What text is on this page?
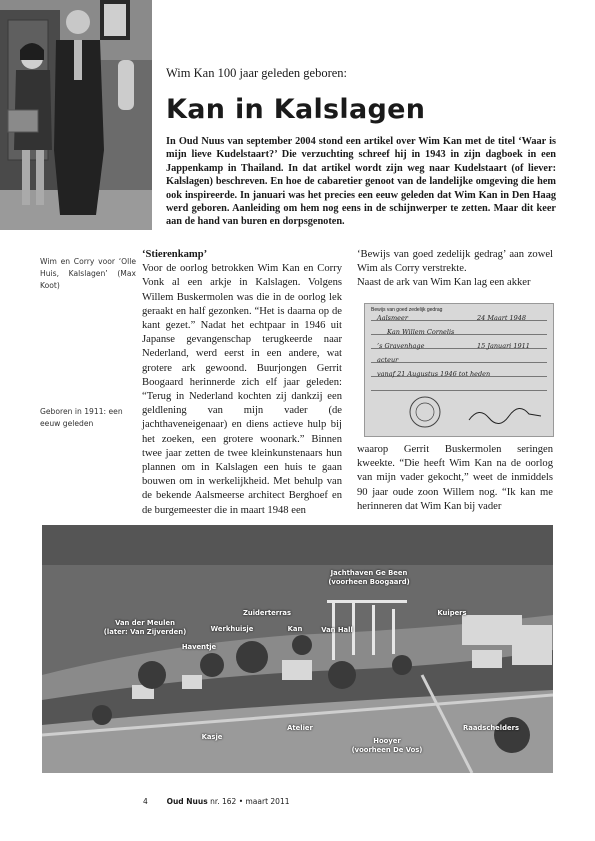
Wim Kan 100 jaar geleden geboren:
Kan in Kalslagen
In Oud Nuus van september 2004 stond een artikel over Wim Kan met de titel ‘Waar is mijn lieve Kudelstaart?’ Die verzuchting schreef hij in 1943 in zijn dagboek in een Jappenkamp in Thailand. In dat artikel wordt zijn weg naar Kudelstaart (of liever: Kalslagen) beschreven. En hoe de cabaretier genoot van de landelijke omgeving die hem ook inspireerde. In januari was het precies een eeuw geleden dat Wim Kan in Den Haag werd geboren. Aanleiding om hem nog eens in de schijnwerper te zetten. Maar dit keer aan de hand van buren en dorpsgenoten.
Wim en Corry voor ‘Olle Huis, Kalslagen’ (Max Koot)
Geboren in 1911: een eeuw geleden

‘Stierenkamp’

Voor de oorlog betrokken Wim Kan en Corry Vonk al een arkje in Kalslagen. Volgens Willem Buskermolen was die in de oorlog lek geraakt en half gezonken. “Het is daarna op de kant gezet.” Nadat het echtpaar in 1946 uit Japanse gevangenschap terugkeerde naar Nederland, werd eerst in een andere, wat grotere ark gewoond. Buurjongen Gerrit Boogaard herinnerde zich elf jaar geleden: “Terug in Nederland kochten zij dankzij een geldlening van mijn vader (de jachthaveneigenaar) en diens actieve hulp bij het zoeken, een grotere woonark.” Binnen twee jaar zetten de twee kleinkunstenaars hun plannen om in Kalslagen een huis te gaan bouwen om in werkelijkheid. Met behulp van de bekende Aalsmeerse architect Berghoef en de burgemeester die in maart 1948 een

‘Bewijs van goed zedelijk gedrag’ aan zowel Wim als Corry verstrekte.

Naast de ark van Wim Kan lag een akker

Bewijs van goed zedelijk gedrag
Aalsmeer	24 Maart 1948
Kan Willem Cornelis
’s Gravenhage	15 Januari 1911
acteur
vanaf 21 Augustus 1946 tot heden
waarop Gerrit Buskermolen seringen kweekte. “Die heeft Wim Kan na de oorlog van mijn vader gekocht,” weet de inmiddels 90 jaar oude zoon Willem nog. “Ik kan me herinneren dat Wim Kan bij vader
Jachthaven Ge Been
(voorheen Boogaard)
Kuipers
Van der Meulen
(later: Van Zijverden)
Zuiderterras
Werkhuisje	Kan	Van Hall
Haventje
Kasje
Atelier
Hooyer
(voorheen De Vos)
Raadschelders
4	Oud Nuus nr. 162 • maart 2011
